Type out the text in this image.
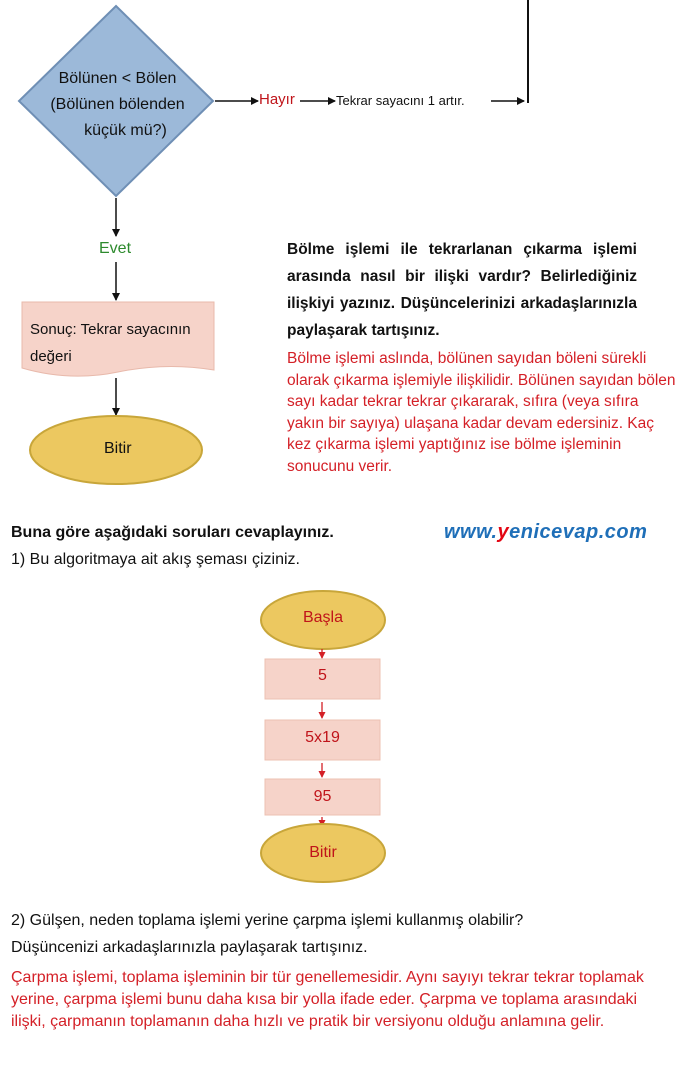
Bölünen < Bölen
(Bölünen bölenden

küçük mü?)
Hayır	Tekrar sayacını 1 artır.
Evet
Sonuç: Tekrar sayacının
değeri
Bitir
Bölme işlemi ile tekrarlanan çıkarma işlemi arasında nasıl bir ilişki vardır? Belirlediğiniz ilişkiyi yazınız. Düşüncelerinizi arkadaşlarınızla paylaşarak tartışınız.
Bölme işlemi aslında, bölünen sayıdan böleni sürekli olarak çıkarma işlemiyle ilişkilidir. Bölünen sayıdan bölen sayı kadar tekrar tekrar çıkararak, sıfıra (veya sıfıra yakın bir sayıya) ulaşana kadar devam edersiniz. Kaç kez çıkarma işlemi yaptığınız ise bölme işleminin sonucunu verir.
Buna göre aşağıdaki soruları cevaplayınız.	www.yenicevap.com
1) Bu algoritmaya ait akış şeması çiziniz.
Başla
5
5x19
95
Bitir
2) Gülşen, neden toplama işlemi yerine çarpma işlemi kullanmış olabilir?
Düşüncenizi arkadaşlarınızla paylaşarak tartışınız.
Çarpma işlemi, toplama işleminin bir tür genellemesidir. Aynı sayıyı tekrar tekrar toplamak yerine, çarpma işlemi bunu daha kısa bir yolla ifade eder. Çarpma ve toplama arasındaki ilişki, çarpmanın toplamanın daha hızlı ve pratik bir versiyonu olduğu anlamına gelir.
